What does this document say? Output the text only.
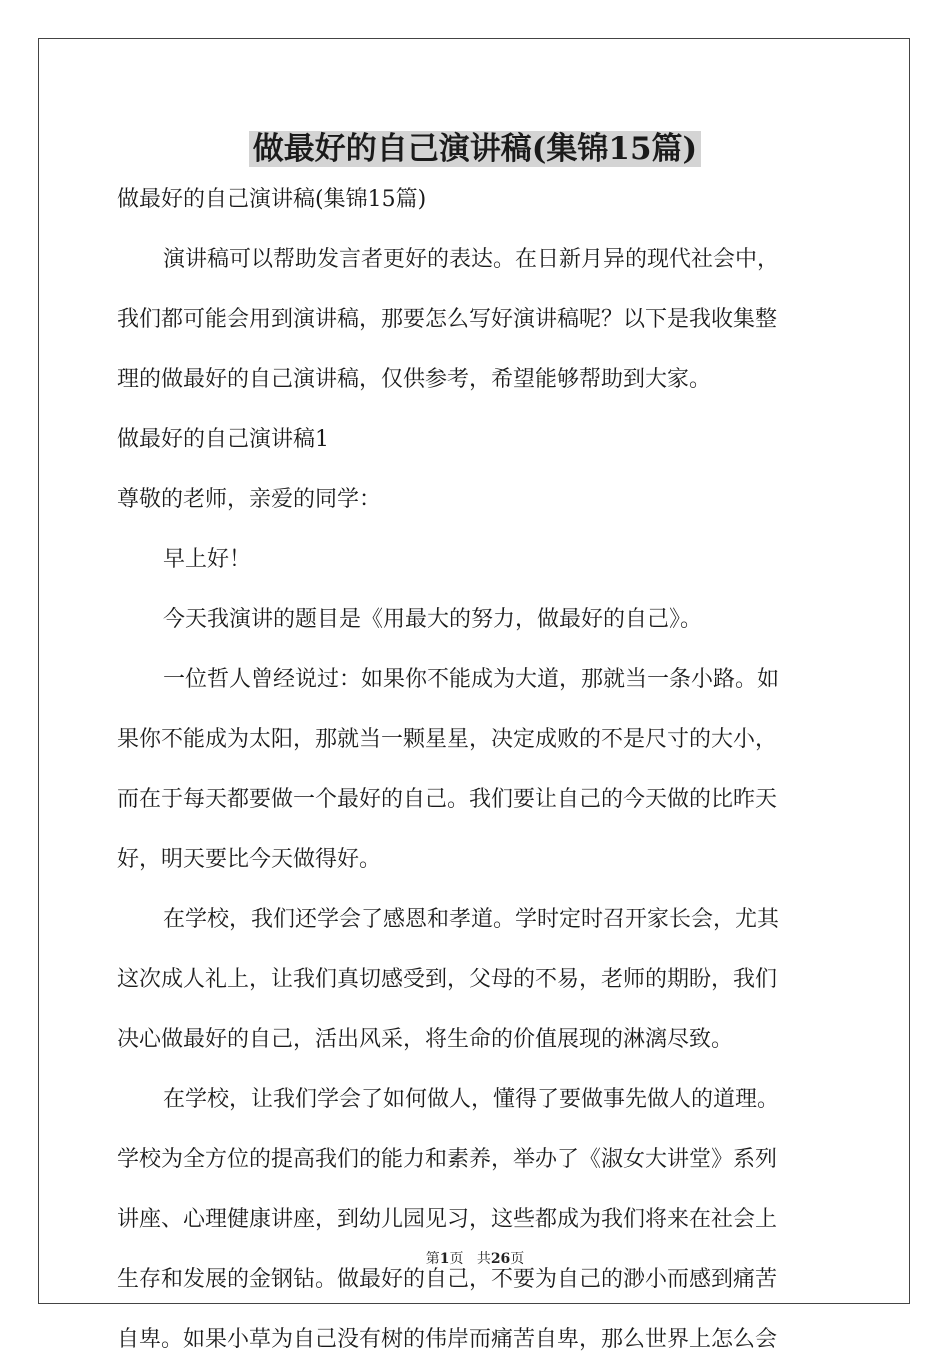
做最好的自己演讲稿(集锦15篇)

做最好的自己演讲稿(集锦15篇)

演讲稿可以帮助发言者更好的表达。在日新月异的现代社会中，

我们都可能会用到演讲稿，那要怎么写好演讲稿呢？以下是我收集整

理的做最好的自己演讲稿，仅供参考，希望能够帮助到大家。

做最好的自己演讲稿1

尊敬的老师，亲爱的同学：

早上好！

今天我演讲的题目是《用最大的努力，做最好的自己》。

一位哲人曾经说过：如果你不能成为大道，那就当一条小路。如

果你不能成为太阳，那就当一颗星星，决定成败的不是尺寸的大小，

而在于每天都要做一个最好的自己。我们要让自己的今天做的比昨天

好，明天要比今天做得好。

在学校，我们还学会了感恩和孝道。学时定时召开家长会，尤其

这次成人礼上，让我们真切感受到，父母的不易，老师的期盼，我们

决心做最好的自己，活出风采，将生命的价值展现的淋漓尽致。

在学校，让我们学会了如何做人，懂得了要做事先做人的道理。

学校为全方位的提高我们的能力和素养，举办了《淑女大讲堂》系列

讲座、心理健康讲座，到幼儿园见习，这些都成为我们将来在社会上

生存和发展的金钢钻。做最好的自己，不要为自己的渺小而感到痛苦

自卑。如果小草为自己没有树的伟岸而痛苦自卑，那么世界上怎么会

第1页 共26页
